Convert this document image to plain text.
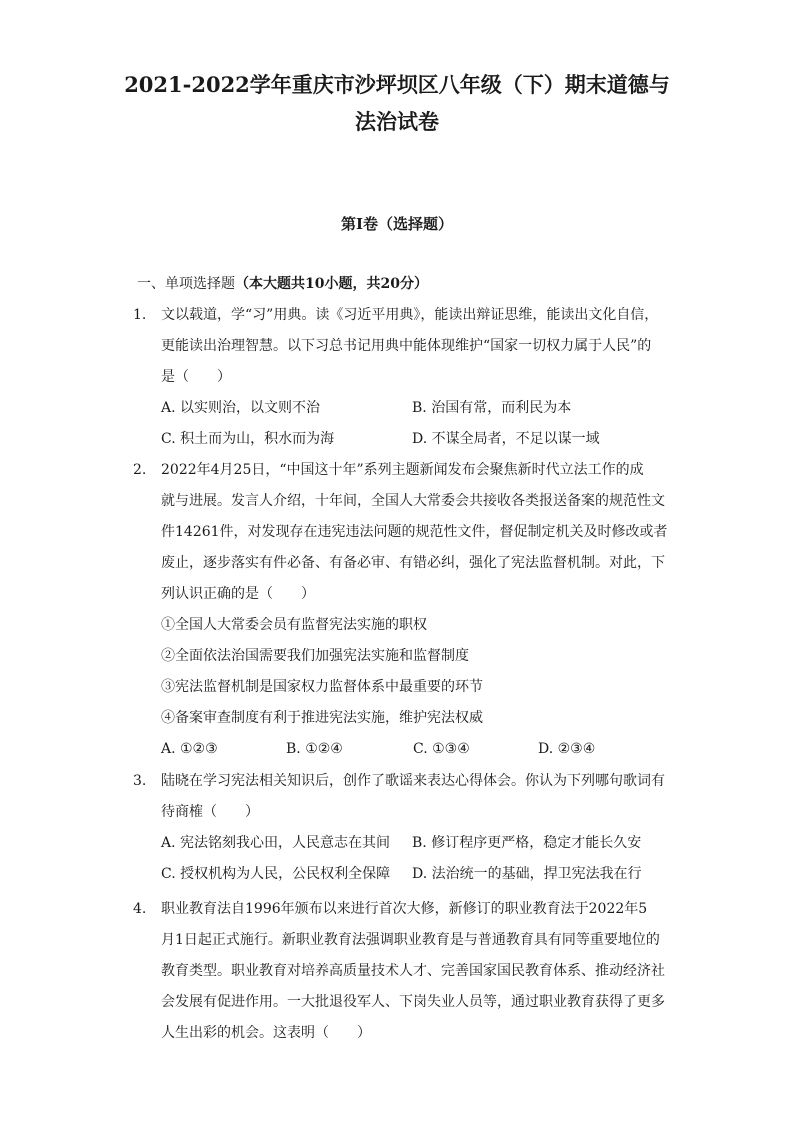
2021-2022学年重庆市沙坪坝区八年级（下）期末道德与
法治试卷
第I卷（选择题）
一、单项选择题（本大题共10小题，共20分）
1. 文以载道，学“习”用典。读《习近平用典》，能读出辩证思维，能读出文化自信，
更能读出治理智慧。以下习总书记用典中能体现维护“国家一切权力属于人民”的
是（　　）
A. 以实则治，以文则不治	B. 治国有常，而利民为本
C. 积土而为山，积水而为海	D. 不谋全局者，不足以谋一域
2. 2022年4月25日，“中国这十年”系列主题新闻发布会聚焦新时代立法工作的成
就与进展。发言人介绍，十年间，全国人大常委会共接收各类报送备案的规范性文
件14261件，对发现存在违宪违法问题的规范性文件，督促制定机关及时修改或者
废止，逐步落实有件必备、有备必审、有错必纠，强化了宪法监督机制。对此，下
列认识正确的是（　　）
①全国人大常委会员有监督宪法实施的职权
②全面依法治国需要我们加强宪法实施和监督制度
③宪法监督机制是国家权力监督体系中最重要的环节
④备案审查制度有利于推进宪法实施，维护宪法权威
A. ①②③	B. ①②④	C. ①③④	D. ②③④
3. 陆晓在学习宪法相关知识后，创作了歌谣来表达心得体会。你认为下列哪句歌词有
待商榷（　　）
A. 宪法铭刻我心田，人民意志在其间 B. 修订程序更严格，稳定才能长久安
C. 授权机构为人民，公民权利全保障 D. 法治统一的基础，捍卫宪法我在行
4. 职业教育法自1996年颁布以来进行首次大修，新修订的职业教育法于2022年5
月1日起正式施行。新职业教育法强调职业教育是与普通教育具有同等重要地位的
教育类型。职业教育对培养高质量技术人才、完善国家国民教育体系、推动经济社
会发展有促进作用。一大批退役军人、下岗失业人员等，通过职业教育获得了更多
人生出彩的机会。这表明（　　）
